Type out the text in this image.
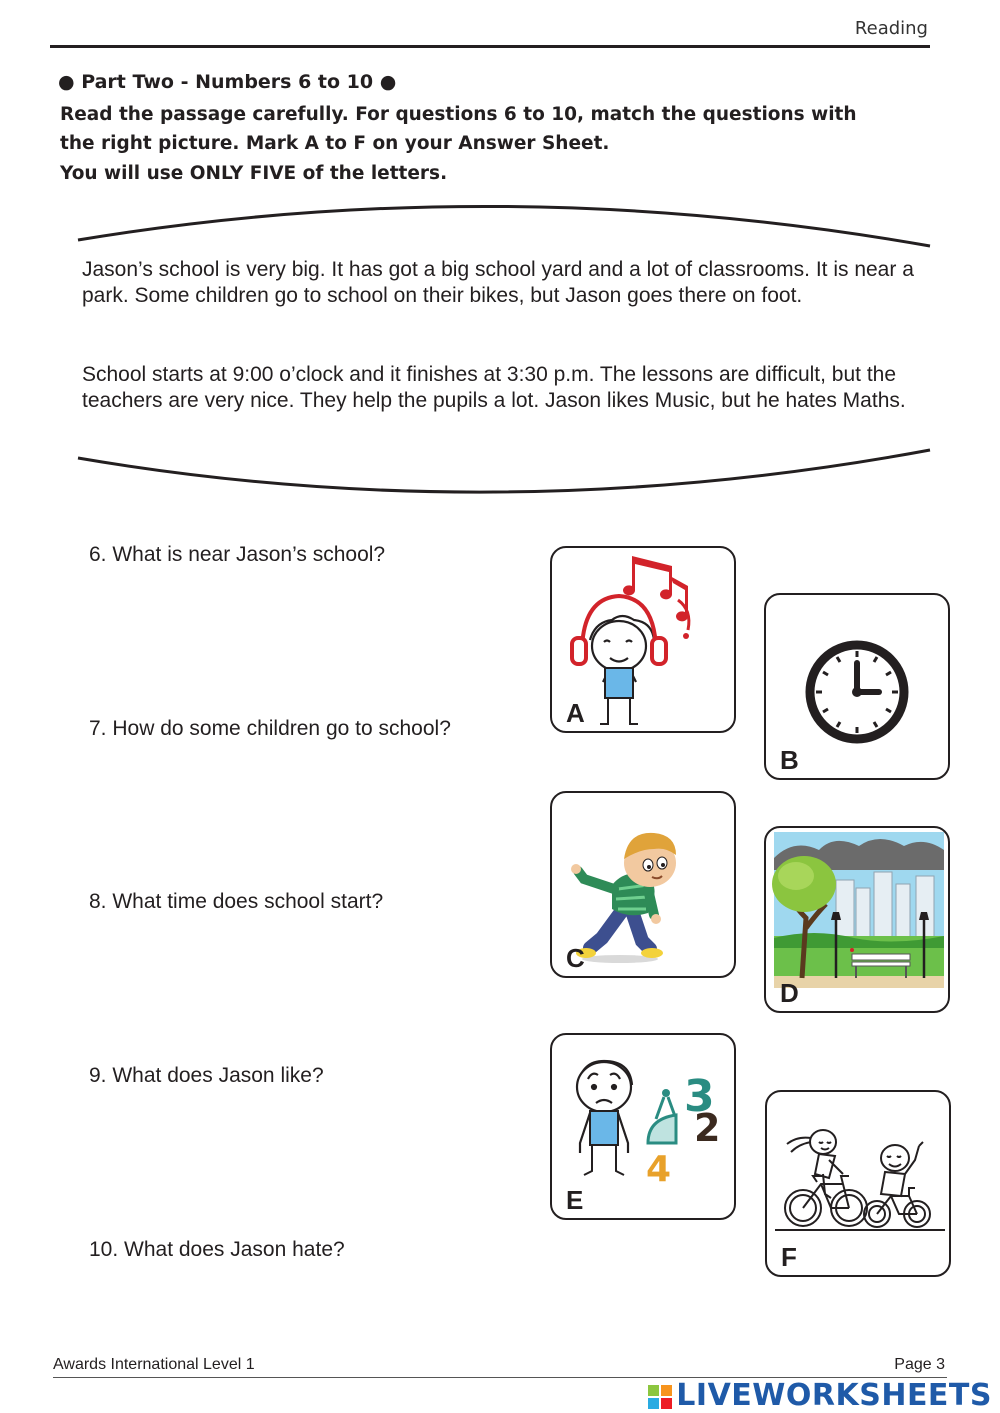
Reading
● Part Two - Numbers 6 to 10 ●
Read the passage carefully. For questions 6 to 10, match the questions with
the right picture. Mark A to F on your Answer Sheet.
You will use ONLY FIVE of the letters.
Jason’s school is very big. It has got a big school yard and a lot of classrooms. It is near a park. Some children go to school on their bikes, but Jason goes there on foot.
School starts at 9:00 o’clock and it finishes at 3:30 p.m. The lessons are difficult, but the teachers are very nice. They help the pupils a lot. Jason likes Music, but he hates Maths.
6. What is near Jason’s school?
7. How do some children go to school?
8. What time does school start?
9. What does Jason like?
10. What does Jason hate?
A
B
C
D
3
2
4
E
F
Awards International Level 1	Page 3
LIVEWORKSHEETS
